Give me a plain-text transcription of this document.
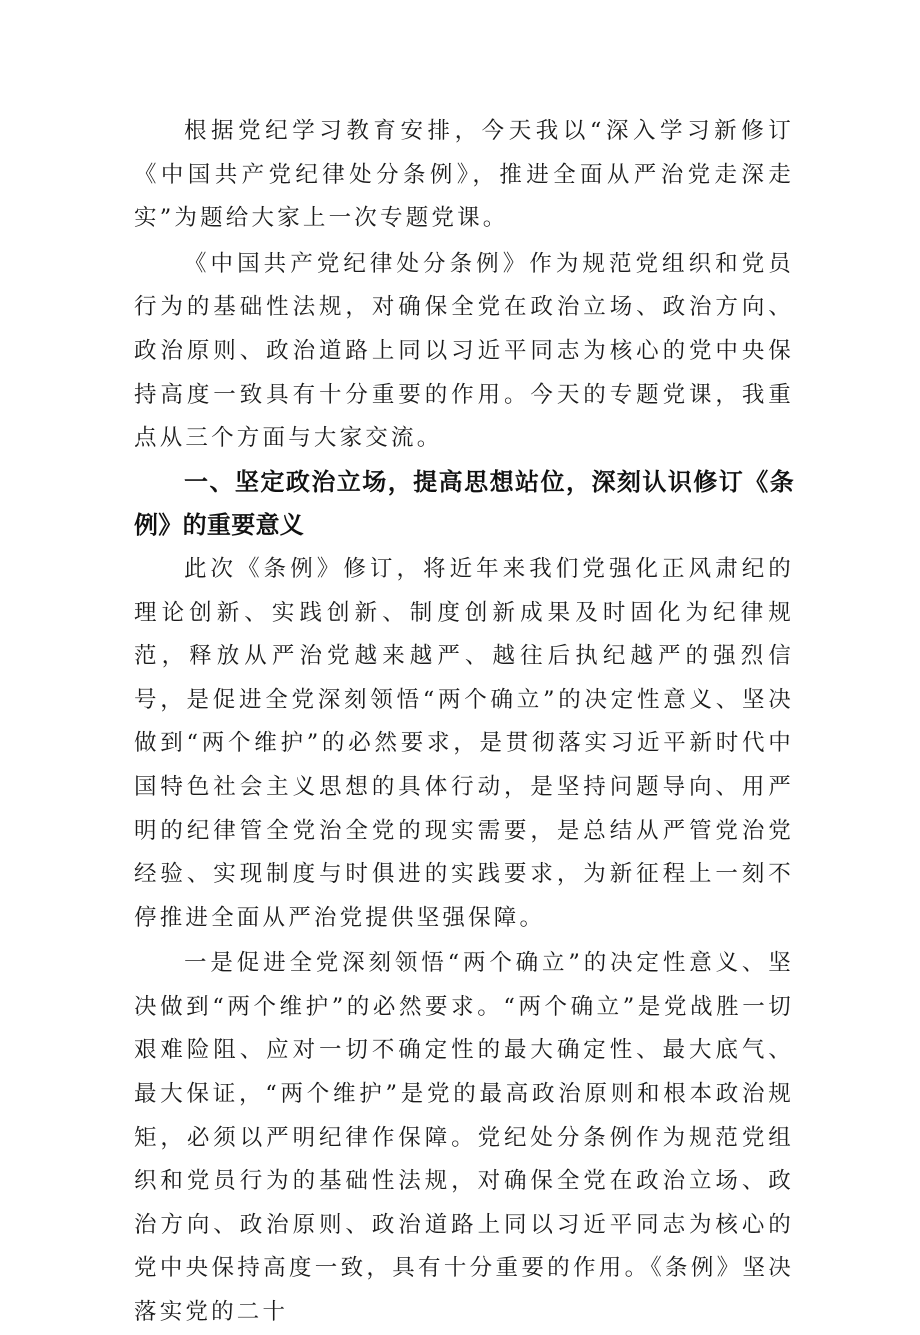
根据党纪学习教育安排，今天我以“深入学习新修订《中国共产党纪律处分条例》，推进全面从严治党走深走实”为题给大家上一次专题党课。

《中国共产党纪律处分条例》作为规范党组织和党员行为的基础性法规，对确保全党在政治立场、政治方向、政治原则、政治道路上同以习近平同志为核心的党中央保持高度一致具有十分重要的作用。今天的专题党课，我重点从三个方面与大家交流。

一、坚定政治立场，提高思想站位，深刻认识修订《条例》的重要意义

此次《条例》修订，将近年来我们党强化正风肃纪的理论创新、实践创新、制度创新成果及时固化为纪律规范，释放从严治党越来越严、越往后执纪越严的强烈信号，是促进全党深刻领悟“两个确立”的决定性意义、坚决做到“两个维护”的必然要求，是贯彻落实习近平新时代中国特色社会主义思想的具体行动，是坚持问题导向、用严明的纪律管全党治全党的现实需要，是总结从严管党治党经验、实现制度与时俱进的实践要求，为新征程上一刻不停推进全面从严治党提供坚强保障。

一是促进全党深刻领悟“两个确立”的决定性意义、坚决做到“两个维护”的必然要求。“两个确立”是党战胜一切艰难险阻、应对一切不确定性的最大确定性、最大底气、最大保证，“两个维护”是党的最高政治原则和根本政治规矩，必须以严明纪律作保障。党纪处分条例作为规范党组织和党员行为的基础性法规，对确保全党在政治立场、政治方向、政治原则、政治道路上同以习近平同志为核心的党中央保持高度一致，具有十分重要的作用。《条例》坚决落实党的二十
